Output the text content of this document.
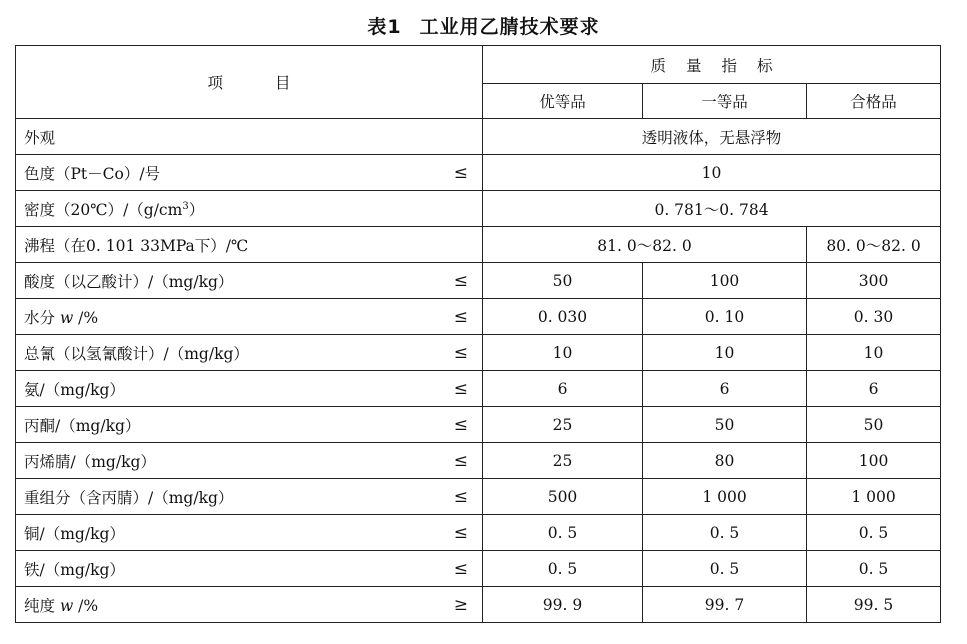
表1 工业用乙腈技术要求
项目	质量指标		
	优等品	一等品	合格品
外观	透明液体，无悬浮物		
色度（Pt－Co）/号 ≤	10		
密度$(20℃)/(g/cm^3)$	0. 781～0. 784		
沸程（在0. 101 33MPa下）/℃	81. 0～82. 0		80. 0～82. 0
酸度（以乙酸计）/（mg/kg） ≤	50	100	300
水分 w /% ≤	0. 030	0. 10	0. 30
总氰（以氢氰酸计）/（mg/kg） ≤	10	10	10
氨/（mg/kg） ≤	6	6	6
丙酮/（mg/kg） ≤	25	50	50
丙烯腈/（mg/kg） ≤	25	80	100
重组分（含丙腈）/（mg/kg） ≤	500	1 000	1 000
铜/（mg/kg） ≤	0. 5	0. 5	0. 5
铁/（mg/kg） ≤	0. 5	0. 5	0. 5
纯度 w /% ≥	99. 9	99. 7	99. 5
